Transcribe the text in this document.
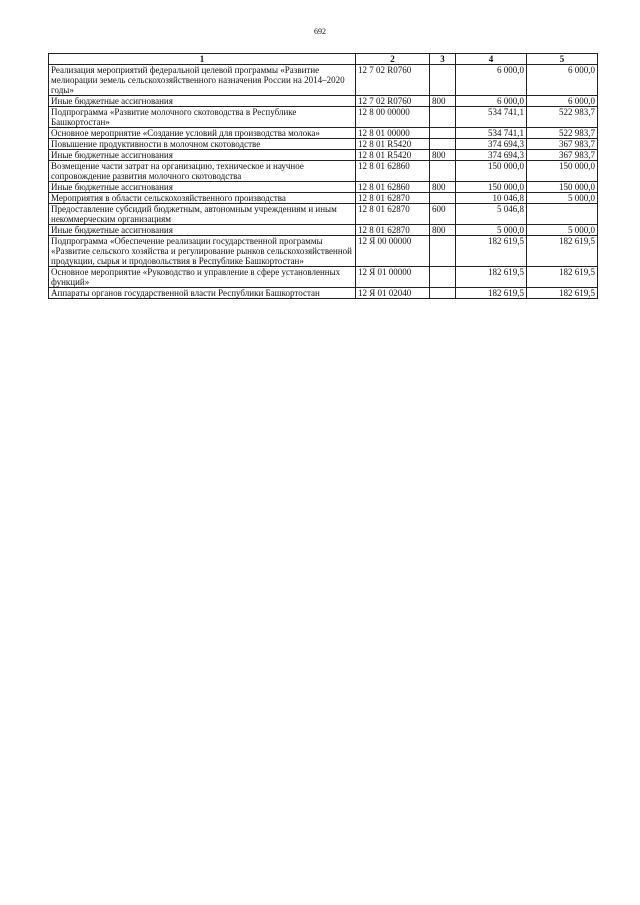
692
1	2	3	4	5
Реализация мероприятий федеральной целевой программы «Развитие мелиорации земель сельскохозяйственного назначения России на 2014–2020 годы»	12 7 02 R0760		6 000,0	6 000,0
Иные бюджетные ассигнования	12 7 02 R0760	800	6 000,0	6 000,0
Подпрограмма «Развитие молочного скотоводства в Республике Башкортостан»	12 8 00 00000		534 741,1	522 983,7
Основное мероприятие «Создание условий для производства молока»	12 8 01 00000		534 741,1	522 983,7
Повышение продуктивности в молочном скотоводстве	12 8 01 R5420		374 694,3	367 983,7
Иные бюджетные ассигнования	12 8 01 R5420	800	374 694,3	367 983,7
Возмещение части затрат на организацию, техническое и научное сопровождение развития молочного скотоводства	12 8 01 62860		150 000,0	150 000,0
Иные бюджетные ассигнования	12 8 01 62860	800	150 000,0	150 000,0
Мероприятия в области сельскохозяйственного производства	12 8 01 62870		10 046,8	5 000,0
Предоставление субсидий бюджетным, автономным учреждениям и иным некоммерческим организациям	12 8 01 62870	600	5 046,8	
Иные бюджетные ассигнования	12 8 01 62870	800	5 000,0	5 000,0
Подпрограмма «Обеспечение реализации государственной программы «Развитие сельского хозяйства и регулирование рынков сельскохозяйственной продукции, сырья и продовольствия в Республике Башкортостан»	12 Я 00 00000		182 619,5	182 619,5
Основное мероприятие «Руководство и управление в сфере установленных функций»	12 Я 01 00000		182 619,5	182 619,5
Аппараты органов государственной власти Республики Башкортостан	12 Я 01 02040		182 619,5	182 619,5
